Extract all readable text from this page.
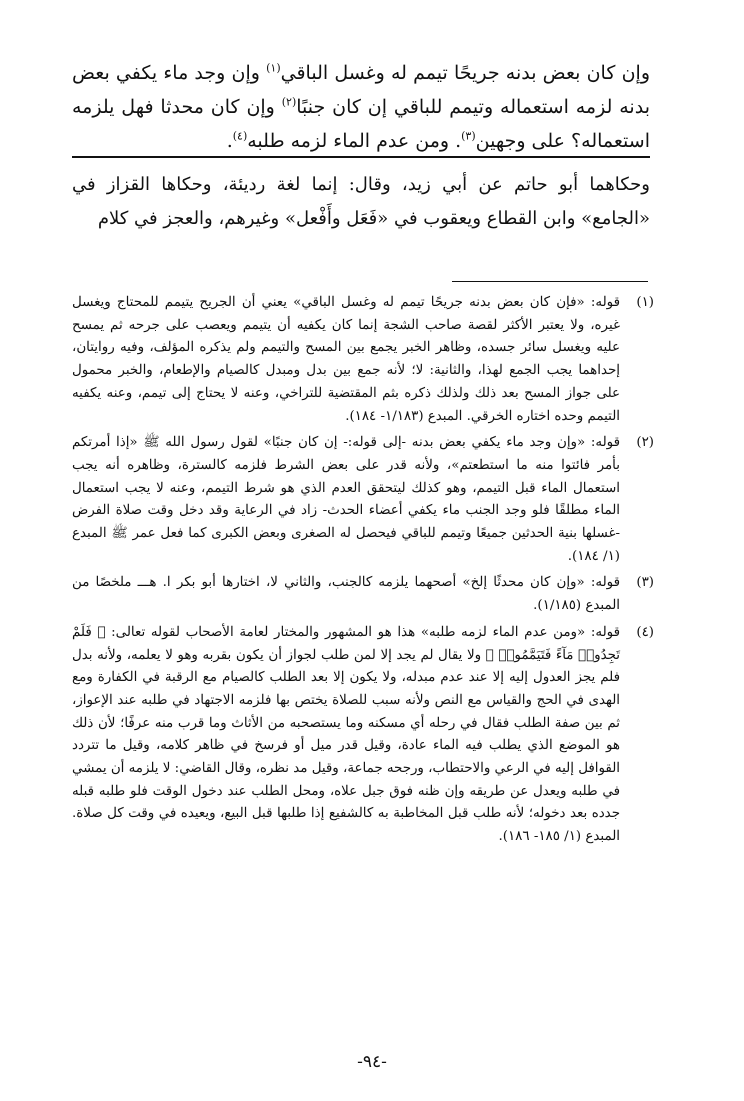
وإن كان بعض بدنه جريحًا تيمم له وغسل الباقي$^{(١)}$ وإن وجد ماء يكفي بعض بدنه لزمه استعماله وتيمم للباقي إن كان جنبًا$^{(٢)}$ وإن كان محدثا فهل يلزمه استعماله؟ على وجهين$^{(٣)}$. ومن عدم الماء لزمه طلبه$^{(٤)}$.

وحكاهما أبو حاتم عن أبي زيد، وقال: إنما لغة رديئة، وحكاها القزاز في «الجامع» وابن القطاع ويعقوب في «فَعَل وأَفْعل» وغيرهم، والعجز في كلام

(١)
قوله: «فإن كان بعض بدنه جريحًا تيمم له وغسل الباقي» يعني أن الجريح يتيمم للمحتاج ويغسل غيره، ولا يعتبر الأكثر لقصة صاحب الشجة إنما كان يكفيه أن يتيمم ويعصب على جرحه ثم يمسح عليه ويغسل سائر جسده، وظاهر الخبر يجمع بين المسح والتيمم ولم يذكره المؤلف، وفيه روايتان، إحداهما يجب الجمع لهذا، والثانية: لا؛ لأنه جمع بين بدل ومبدل كالصيام والإطعام، والخبر محمول على جواز المسح بعد ذلك ولذلك ذكره بثم المقتضية للتراخي، وعنه لا يحتاج إلى تيمم، وعنه يكفيه التيمم وحده اختاره الخرقي. المبدع (١/١٨٣- ١٨٤).
(٢)
قوله: «وإن وجد ماء يكفي بعض بدنه -إلى قوله:- إن كان جنبًا» لقول رسول الله ﷺ «إذا أمرتكم بأمر فائتوا منه ما استطعتم»، ولأنه قدر على بعض الشرط فلزمه كالسترة، وظاهره أنه يجب استعمال الماء قبل التيمم، وهو كذلك ليتحقق العدم الذي هو شرط التيمم، وعنه لا يجب استعمال الماء مطلقًا فلو وجد الجنب ماء يكفي أعضاء الحدث- زاد في الرعاية وقد دخل وقت صلاة الفرض -غسلها بنية الحدثين جميعًا وتيمم للباقي فيحصل له الصغرى وبعض الكبرى كما فعل عمر ﷺ المبدع (١/ ١٨٤).
(٣)
قوله: «وإن كان محدثًا إلخ» أصحهما يلزمه كالجنب، والثاني لا، اختارها أبو بكر ا. هـــ ملخصًا من المبدع (١/١٨٥).
(٤)
قوله: «ومن عدم الماء لزمه طلبه» هذا هو المشهور والمختار لعامة الأصحاب لقوله تعالى: ﴿ فَلَمْ تَجِدُوا۟ مَآءً فَتَيَمَّمُوا۟ ﴾ ولا يقال لم يجد إلا لمن طلب لجواز أن يكون بقربه وهو لا يعلمه، ولأنه بدل فلم يجز العدول إليه إلا عند عدم مبدله، ولا يكون إلا بعد الطلب كالصيام مع الرقبة في الكفارة ومع الهدى في الحج والقياس مع النص ولأنه سبب للصلاة يختص بها فلزمه الاجتهاد في طلبه عند الإعواز، ثم بين صفة الطلب فقال في رحله أي مسكنه وما يستصحبه من الأثاث وما قرب منه عرفًا؛ لأن ذلك هو الموضع الذي يطلب فيه الماء عادة، وقيل قدر ميل أو فرسخ في ظاهر كلامه، وقيل ما تتردد القوافل إليه في الرعي والاحتطاب، ورجحه جماعة، وقيل مد نظره، وقال القاضي: لا يلزمه أن يمشي في طلبه ويعدل عن طريقه وإن ظنه فوق جبل علاه، ومحل الطلب عند دخول الوقت فلو طلبه قبله جدده بعد دخوله؛ لأنه طلب قبل المخاطبة به كالشفيع إذا طلبها قبل البيع، ويعيده في وقت كل صلاة. المبدع (١/ ١٨٥- ١٨٦).
-٩٤-
